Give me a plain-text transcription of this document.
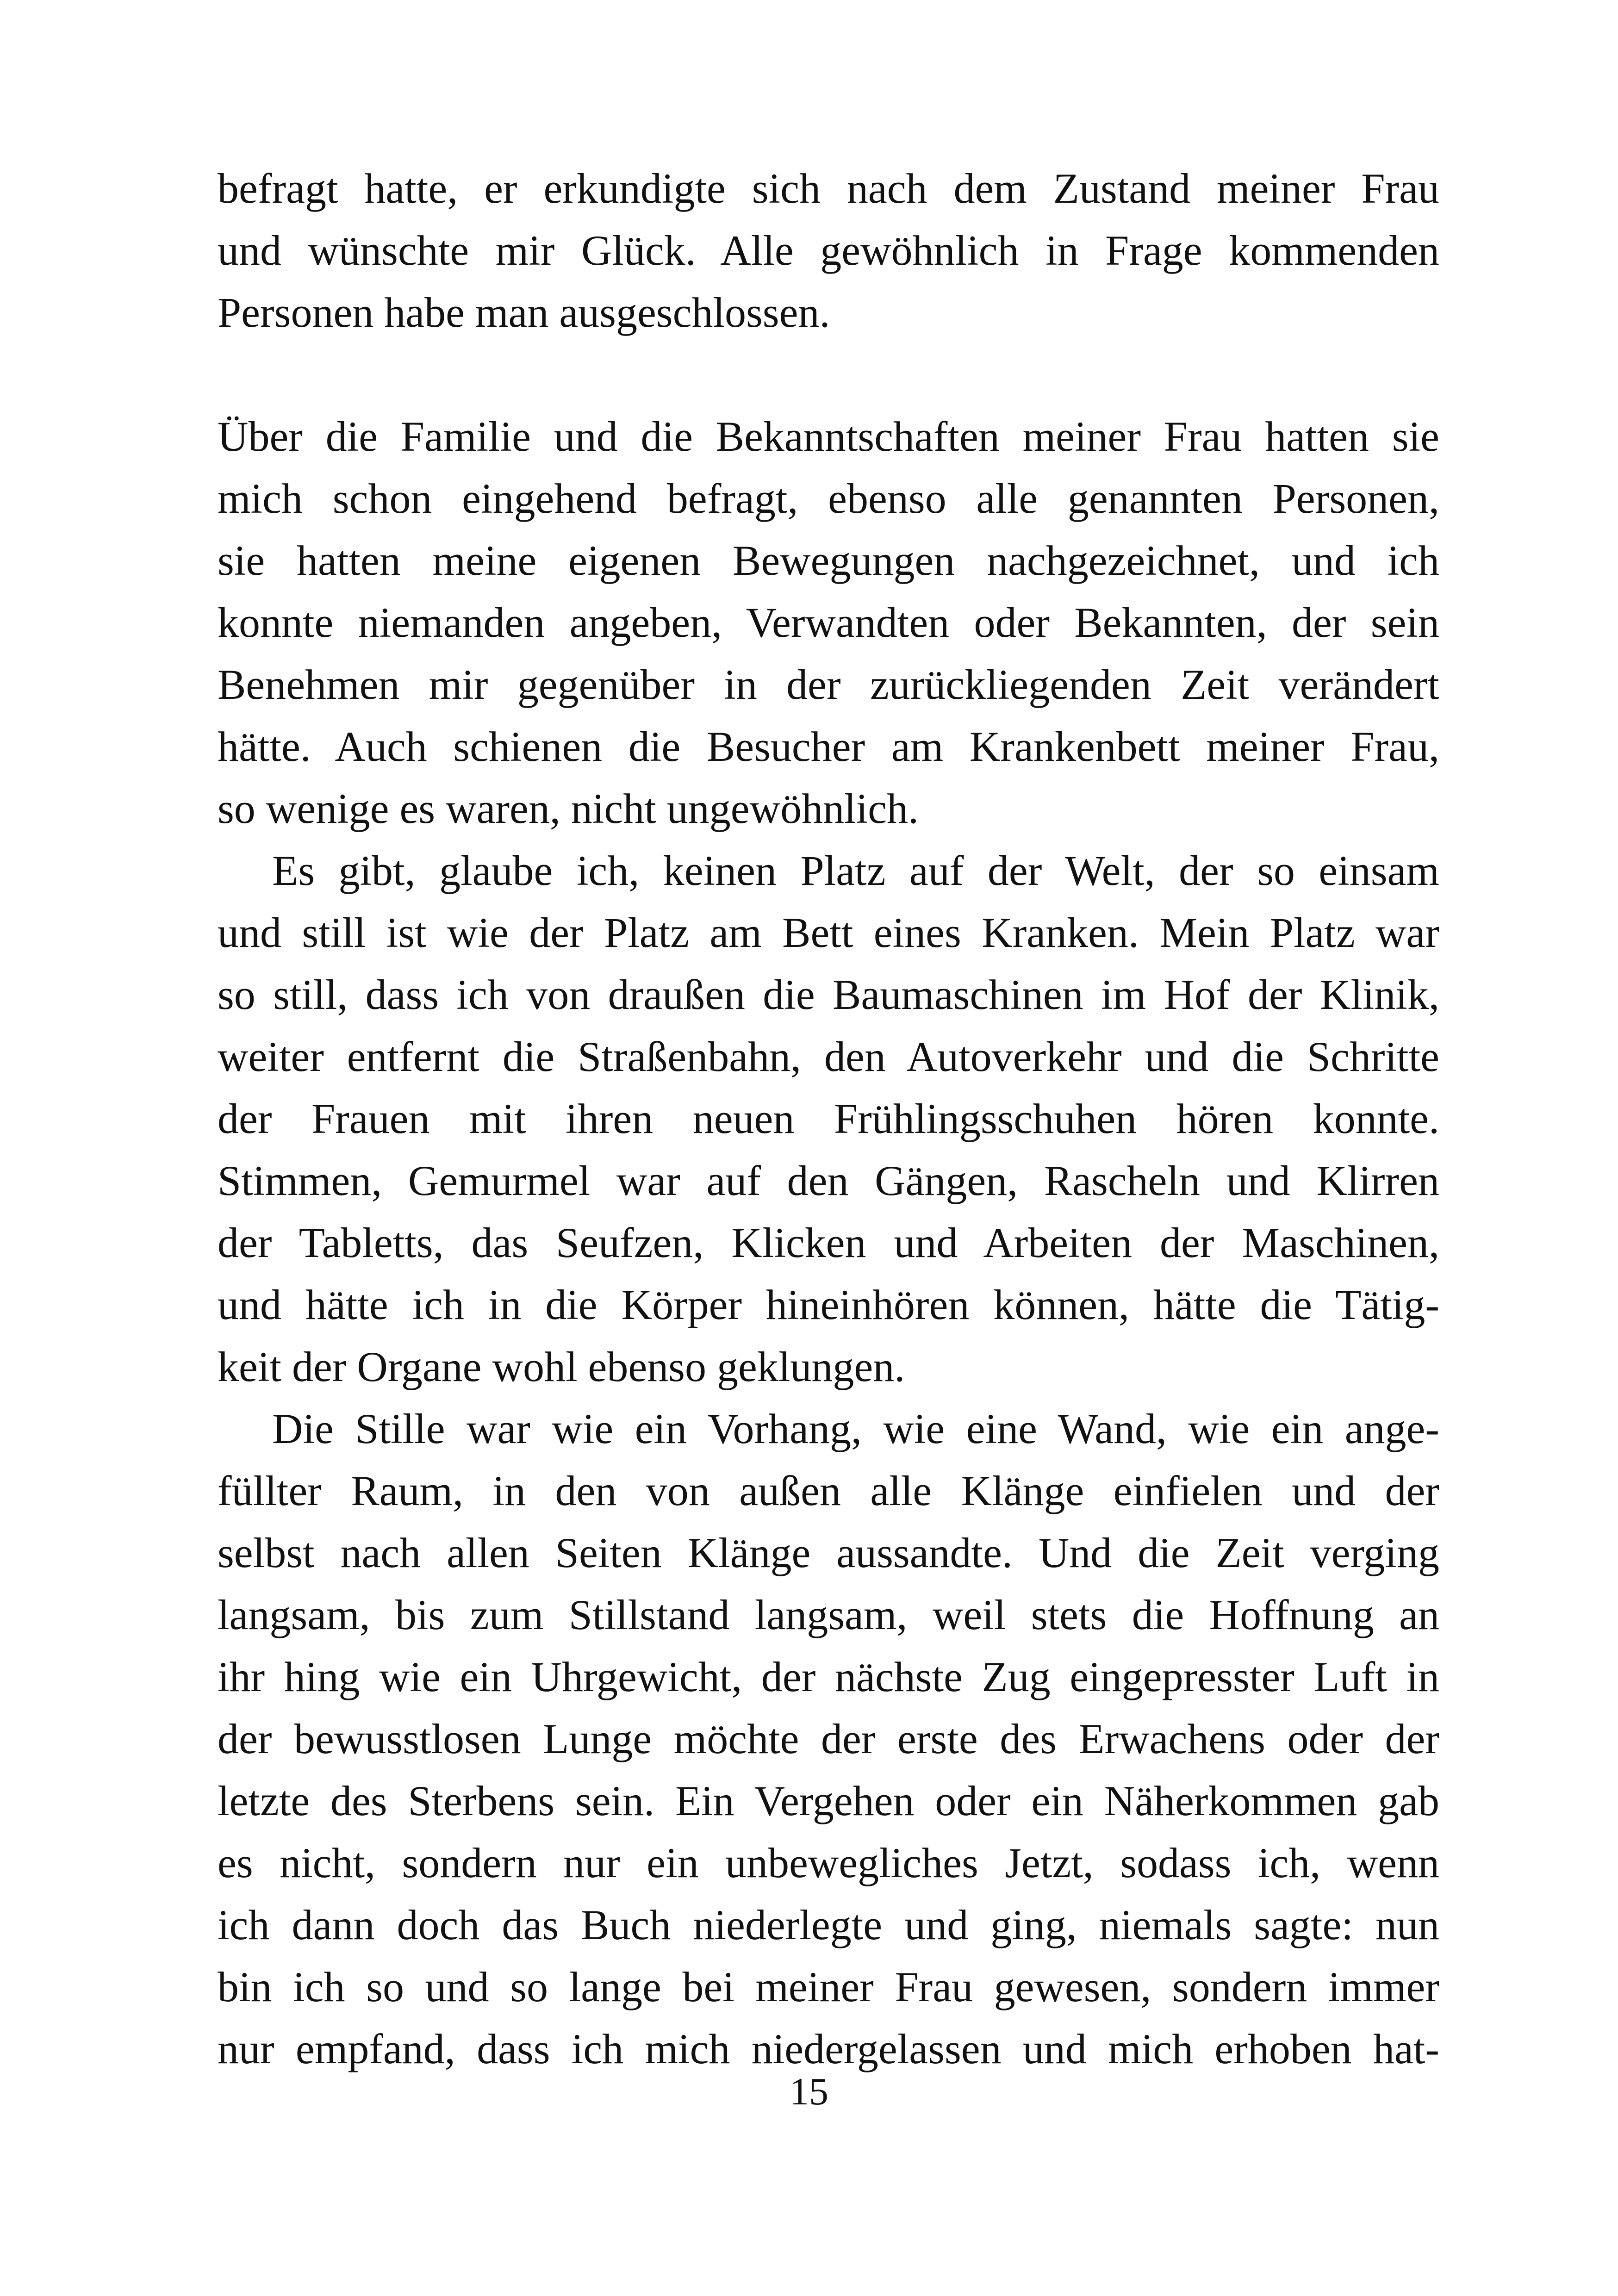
befragt hatte, er erkundigte sich nach dem Zustand meiner Frau
und wünschte mir Glück. Alle gewöhnlich in Frage kommenden
Personen habe man ausgeschlossen.

Über die Familie und die Bekanntschaften meiner Frau hatten sie
mich schon eingehend befragt, ebenso alle genannten Personen,
sie hatten meine eigenen Bewegungen nachgezeichnet, und ich
konnte niemanden angeben, Verwandten oder Bekannten, der sein
Benehmen mir gegenüber in der zurückliegenden Zeit verändert
hätte. Auch schienen die Besucher am Krankenbett meiner Frau,
so wenige es waren, nicht ungewöhnlich.

Es gibt, glaube ich, keinen Platz auf der Welt, der so einsam
und still ist wie der Platz am Bett eines Kranken. Mein Platz war
so still, dass ich von draußen die Baumaschinen im Hof der Klinik,
weiter entfernt die Straßenbahn, den Autoverkehr und die Schritte
der Frauen mit ihren neuen Frühlingsschuhen hören konnte.
Stimmen, Gemurmel war auf den Gängen, Rascheln und Klirren
der Tabletts, das Seufzen, Klicken und Arbeiten der Maschinen,
und hätte ich in die Körper hineinhören können, hätte die Tätig-
keit der Organe wohl ebenso geklungen.

Die Stille war wie ein Vorhang, wie eine Wand, wie ein ange-
füllter Raum, in den von außen alle Klänge einfielen und der
selbst nach allen Seiten Klänge aussandte. Und die Zeit verging
langsam, bis zum Stillstand langsam, weil stets die Hoffnung an
ihr hing wie ein Uhrgewicht, der nächste Zug eingepresster Luft in
der bewusstlosen Lunge möchte der erste des Erwachens oder der
letzte des Sterbens sein. Ein Vergehen oder ein Näherkommen gab
es nicht, sondern nur ein unbewegliches Jetzt, sodass ich, wenn
ich dann doch das Buch niederlegte und ging, niemals sagte: nun
bin ich so und so lange bei meiner Frau gewesen, sondern immer
nur empfand, dass ich mich niedergelassen und mich erhoben hat-

15
